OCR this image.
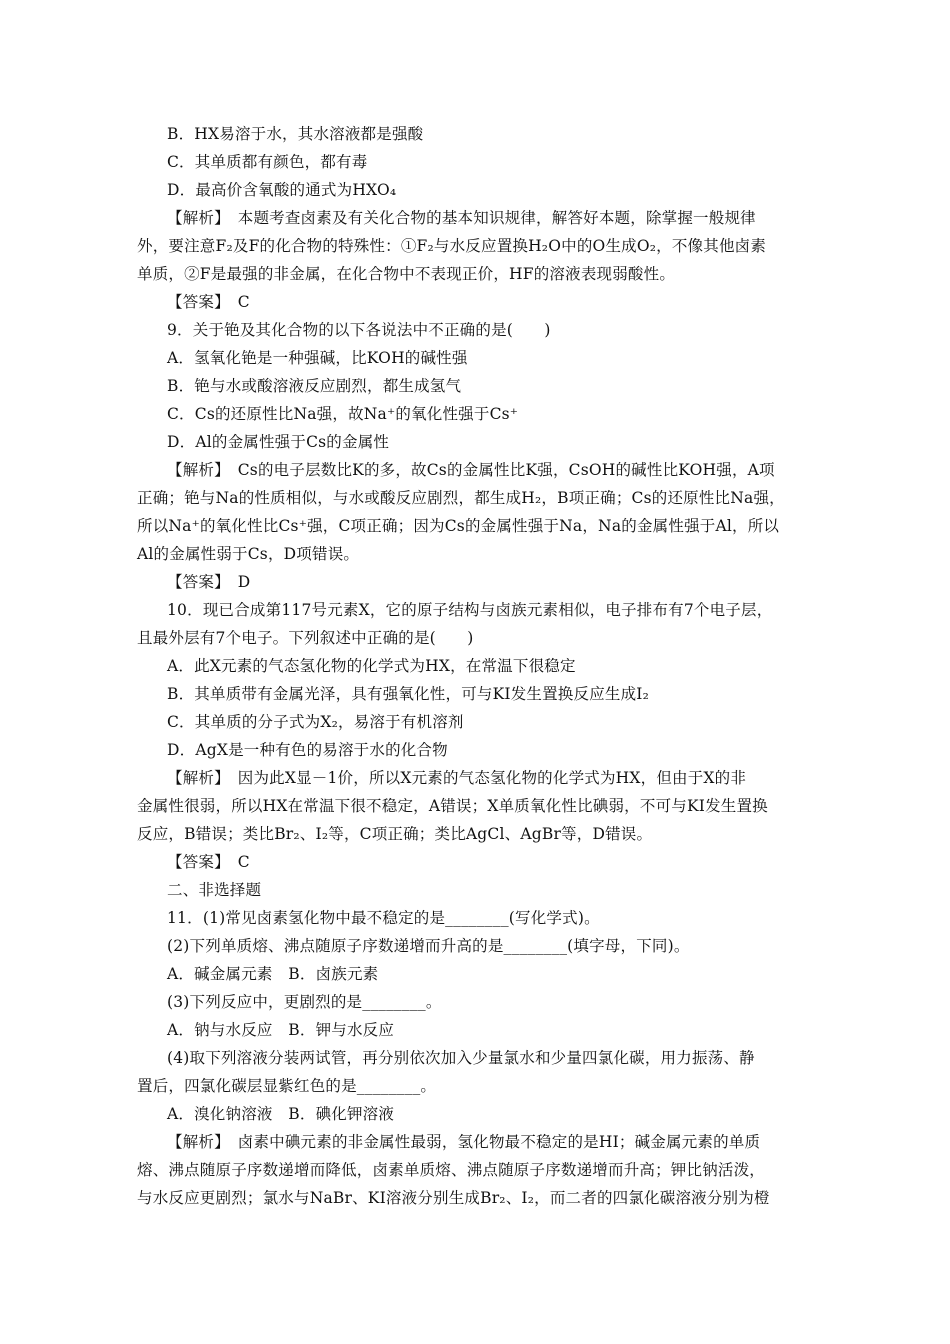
B．HX易溶于水，其水溶液都是强酸
C．其单质都有颜色，都有毒
D．最高价含氧酸的通式为HXO₄
【解析】　本题考查卤素及有关化合物的基本知识规律，解答好本题，除掌握一般规律
外，要注意F₂及F的化合物的特殊性：①F₂与水反应置换H₂O中的O生成O₂，不像其他卤素
单质，②F是最强的非金属，在化合物中不表现正价，HF的溶液表现弱酸性。
【答案】　C
9．关于铯及其化合物的以下各说法中不正确的是(　　)
A．氢氧化铯是一种强碱，比KOH的碱性强
B．铯与水或酸溶液反应剧烈，都生成氢气
C．Cs的还原性比Na强，故Na⁺的氧化性强于Cs⁺
D．Al的金属性强于Cs的金属性
【解析】　Cs的电子层数比K的多，故Cs的金属性比K强，CsOH的碱性比KOH强，A项
正确；铯与Na的性质相似，与水或酸反应剧烈，都生成H₂，B项正确；Cs的还原性比Na强，
所以Na⁺的氧化性比Cs⁺强，C项正确；因为Cs的金属性强于Na，Na的金属性强于Al，所以
Al的金属性弱于Cs，D项错误。
【答案】　D
10．现已合成第117号元素X，它的原子结构与卤族元素相似，电子排布有7个电子层，
且最外层有7个电子。下列叙述中正确的是(　　)
A．此X元素的气态氢化物的化学式为HX，在常温下很稳定
B．其单质带有金属光泽，具有强氧化性，可与KI发生置换反应生成I₂
C．其单质的分子式为X₂，易溶于有机溶剂
D．AgX是一种有色的易溶于水的化合物
【解析】　因为此X显－1价，所以X元素的气态氢化物的化学式为HX，但由于X的非
金属性很弱，所以HX在常温下很不稳定，A错误；X单质氧化性比碘弱，不可与KI发生置换
反应，B错误；类比Br₂、I₂等，C项正确；类比AgCl、AgBr等，D错误。
【答案】　C
二、非选择题
11．(1)常见卤素氢化物中最不稳定的是________(写化学式)。
(2)下列单质熔、沸点随原子序数递增而升高的是________(填字母，下同)。
A．碱金属元素　B．卤族元素
(3)下列反应中，更剧烈的是________。
A．钠与水反应　B．钾与水反应
(4)取下列溶液分装两试管，再分别依次加入少量氯水和少量四氯化碳，用力振荡、静
置后，四氯化碳层显紫红色的是________。
A．溴化钠溶液　B．碘化钾溶液
【解析】　卤素中碘元素的非金属性最弱，氢化物最不稳定的是HI；碱金属元素的单质
熔、沸点随原子序数递增而降低，卤素单质熔、沸点随原子序数递增而升高；钾比钠活泼，
与水反应更剧烈；氯水与NaBr、KI溶液分别生成Br₂、I₂，而二者的四氯化碳溶液分别为橙
